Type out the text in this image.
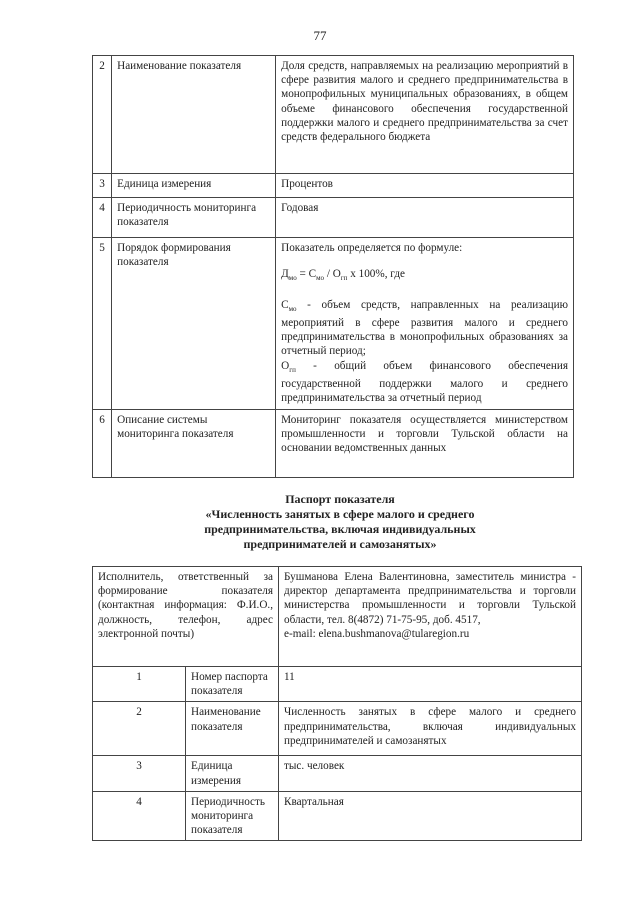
77
2	Наименование показателя	Доля средств, направляемых на реализацию мероприятий в сфере развития малого и среднего предпринимательства в монопрофильных муниципальных образованиях, в общем объеме финансового обеспечения государственной поддержки малого и среднего предпринимательства за счет средств федерального бюджета
3	Единица измерения	Процентов
4	Периодичность мониторинга показателя	Годовая
5	Порядок формирования показателя	Показатель определяется по формуле:
$Д_{мо} = С_{мо} / О_{гп}$ x 100%, где
$С_{мо}$ - объем средств, направленных на реализацию мероприятий в сфере развития малого и среднего предпринимательства в монопрофильных образованиях за отчетный период;
$О_{гп}$ - общий объем финансового обеспечения государственной поддержки малого и среднего предпринимательства за отчетный период

6	Описание системы мониторинга показателя	Мониторинг показателя осуществляется министерством промышленности и торговли Тульской области на основании ведомственных данных
Паспорт показателя
«Численность занятых в сфере малого и среднего
предпринимательства, включая индивидуальных
предпринимателей и самозанятых»
Исполнитель, ответственный за формирование показателя (контактная информация: Ф.И.О., должность, телефон, адрес электронной почты)		Бушманова Елена Валентиновна, заместитель министра - директор департамента предпринимательства и торговли министерства промышленности и торговли Тульской области, тел. 8(4872) 71-75-95, доб. 4517,
e-mail: elena.bushmanova@tularegion.ru

1	Номер паспорта показателя	11
2	Наименование показателя	Численность занятых в сфере малого и среднего предпринимательства, включая индивидуальных предпринимателей и самозанятых
3	Единица измерения	тыс. человек
4	Периодичность мониторинга показателя	Квартальная
